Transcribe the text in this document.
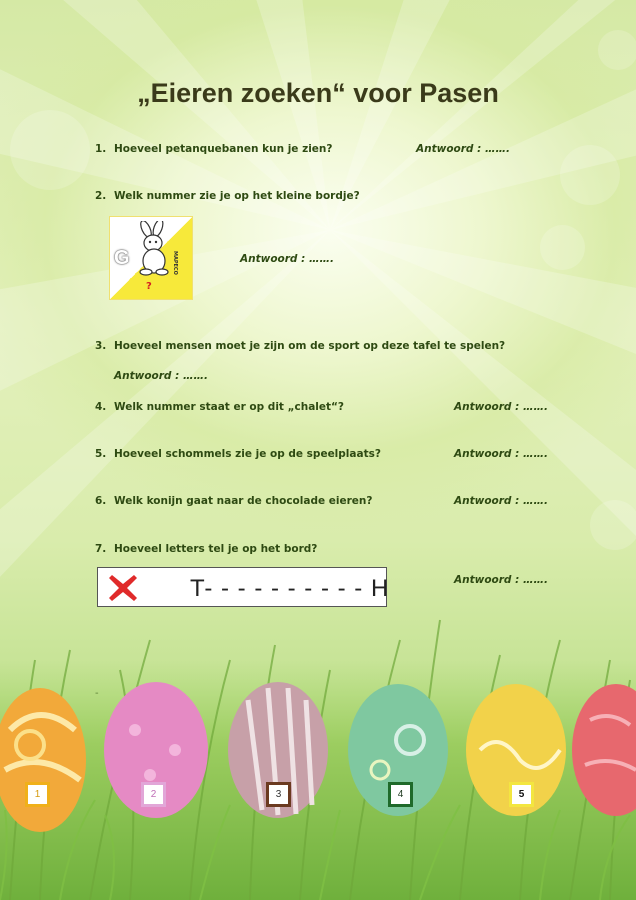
„Eieren zoeken“ voor Pasen
1. Hoeveel petanquebanen kun je zien?	Antwoord : …….
2. Welk nummer zie je op het kleine bordje?
G	MAPECO
?
Antwoord : …….
3. Hoeveel mensen moet je zijn om de sport op deze tafel te spelen?
Antwoord : …….
4. Welk nummer staat er op dit „chalet“?	Antwoord : …….
5. Hoeveel schommels zie je op de speelplaats?	Antwoord : …….
6. Welk konijn gaat naar de chocolade eieren?	Antwoord : …….
7. Hoeveel letters tel je op het bord?
T- - - - - - - - - - H	Antwoord : …….
1	2	3	4	5
